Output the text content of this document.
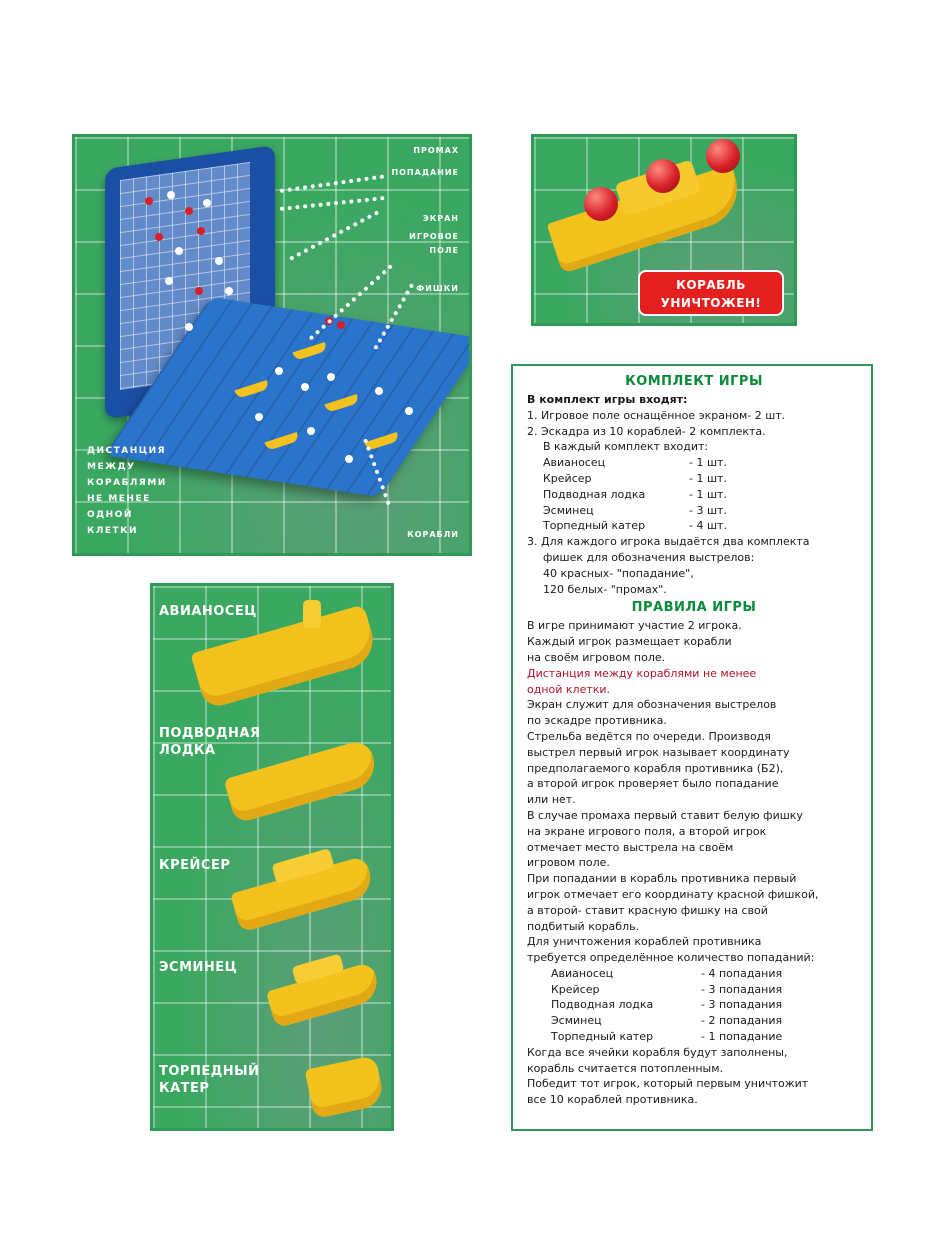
ПРОМАХ
ПОПАДАНИЕ
ЭКРАН
ИГРОВОЕ
ПОЛЕ
ФИШКИ
КОРАБЛИ
ДИСТАНЦИЯ
МЕЖДУ
КОРАБЛЯМИ
НЕ МЕНЕЕ
ОДНОЙ
КЛЕТКИ
КОРАБЛЬ
УНИЧТОЖЕН!
АВИАНОСЕЦ
ПОДВОДНАЯ
ЛОДКА
КРЕЙСЕР
ЭСМИНЕЦ
ТОРПЕДНЫЙ
КАТЕР
КОМПЛЕКТ ИГРЫ
В комплект игры входят:
1. Игровое поле оснащённое экраном- 2 шт.
2. Эскадра из 10 кораблей- 2 комплекта.
В каждый комплект входит:
Авианосец	- 1 шт.
Крейсер	- 1 шт.
Подводная лодка	- 1 шт.
Эсминец	- 3 шт.
Торпедный катер	- 4 шт.
3. Для каждого игрока выдаётся два комплекта
фишек для обозначения выстрелов:
40 красных- "попадание",
120 белых- "промах".
ПРАВИЛА ИГРЫ
В игре принимают участие 2 игрока.
Каждый игрок размещает корабли
на своём игровом поле.
Дистанция между кораблями не менее
одной клетки.
Экран служит для обозначения выстрелов
по эскадре противника.
Стрельба ведётся по очереди. Производя
выстрел первый игрок называет координату
предполагаемого корабля противника (Б2),
а второй игрок проверяет было попадание
или нет.
В случае промаха первый ставит белую фишку
на экране игрового поля, а второй игрок
отмечает место выстрела на своём
игровом поле.
При попадании в корабль противника первый
игрок отмечает его координату красной фишкой,
а второй- ставит красную фишку на свой
подбитый корабль.
Для уничтожения кораблей противника
требуется определённое количество попаданий:
Авианосец	- 4 попадания
Крейсер	- 3 попадания
Подводная лодка	- 3 попадания
Эсминец	- 2 попадания
Торпедный катер	- 1 попадание
Когда все ячейки корабля будут заполнены,
корабль считается потопленным.
Победит тот игрок, который первым уничтожит
все 10 кораблей противника.
